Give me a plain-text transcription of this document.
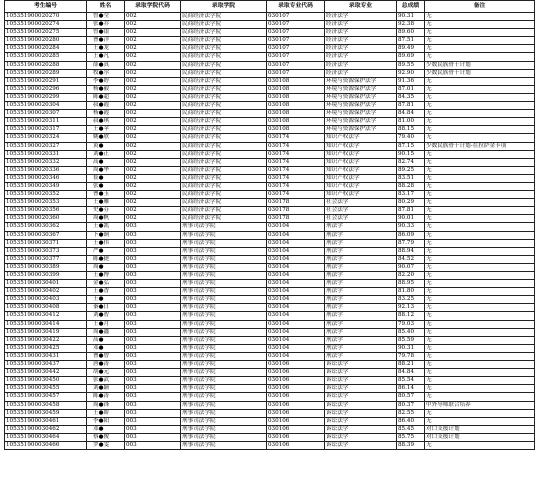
考生编号	姓名	录取学院代码	录取学院	录取专业代码	录取专业	总成绩	备注
105351900020270	曾●莹	002	民商经济法学院	030107	经济法学	90.31	无
105351900020274	张●乔	002	民商经济法学院	030107	经济法学	92.38	无
105351900020275	曾●银	002	民商经济法学院	030107	经济法学	89.60	无
105351900020280	曹●洋	002	民商经济法学院	030107	经济法学	87.51	无
105351900020284	王●龙	002	民商经济法学院	030107	经济法学	89.49	无
105351900020285	王●凡	002	民商经济法学院	030107	经济法学	89.69	无
105351900020288	薛●真	002	民商经济法学院	030107	经济法学	89.55	少数民族骨干计划
105351900020289	牧●尔	002	民商经济法学院	030107	经济法学	92.90	少数民族骨干计划
105351900020291	李●婷	002	民商经济法学院	030108	环境与资源保护法学	91.36	无
105351900020296	杨●毅	002	民商经济法学院	030108	环境与资源保护法学	87.01	无
105351900020299	陈●超	002	民商经济法学院	030108	环境与资源保护法学	84.35	无
105351900020304	叔●霞	002	民商经济法学院	030108	环境与资源保护法学	87.81	无
105351900020307	杨●霞	002	民商经济法学院	030108	环境与资源保护法学	84.84	无
105351900020311	叔●琪	002	民商经济法学院	030108	环境与资源保护法学	81.00	无
105351900020317	王●苹	002	民商经济法学院	030108	环境与资源保护法学	88.15	无
105351900020324	姚●欣	002	民商经济法学院	030174	知识产权法学	79.40	无
105351900020327	黄●	002	民商经济法学院	030174	知识产权法学	87.15	少数民族骨干计划-在拉萨金卡项
105351900020331	刘●正	002	民商经济法学院	030174	知识产权法学	90.15	无
105351900020332	高●	002	民商经济法学院	030174	知识产权法学	82.74	无
105351900020336	周●华	002	民商经济法学院	030174	知识产权法学	89.25	无
105351900020346	崔●	002	民商经济法学院	030174	知识产权法学	83.51	无
105351900020349	张●	002	民商经济法学院	030174	知识产权法学	88.28	无
105351900020352	曹●玉	002	民商经济法学院	030174	知识产权法学	83.17	无
105351900020353	王●雁	002	民商经济法学院	030178	社会法学	80.29	无
105351900020356	史●芬	002	民商经济法学院	030178	社会法学	87.81	无
105351900020360	周●帆	002	民商经济法学院	030178	社会法学	90.01	无
105351900030362	王●凯	003	刑事司法学院	030104	刑法学	90.33	无
105351900030367	卜●铜	003	刑事司法学院	030104	刑法学	86.09	无
105351900030371	王●伟	003	刑事司法学院	030104	刑法学	87.79	无
105351900030373	严●	003	刑事司法学院	030104	刑法学	88.94	无
105351900030377	陈●捷	003	刑事司法学院	030104	刑法学	84.52	无
105351900030389	周●	003	刑事司法学院	030104	刑法学	90.07	无
105351900030399	王●博	003	刑事司法学院	030104	刑法学	82.20	无
105351900030401	金●弘	003	刑事司法学院	030104	刑法学	88.95	无
105351900030402	王●香	003	刑事司法学院	030104	刑法学	81.80	无
105351900030403	王●	003	刑事司法学院	030104	刑法学	83.25	无
105351900030408	秦●日	003	刑事司法学院	030104	刑法学	92.13	无
105351900030412	刘●智	003	刑事司法学院	030104	刑法学	88.12	无
105351900030414	王●月	003	刑事司法学院	030104	刑法学	79.03	无
105351900030419	周●鑫	003	刑事司法学院	030104	刑法学	85.40	无
105351900030422	高●	003	刑事司法学院	030104	刑法学	85.59	无
105351900030425	邓●	003	刑事司法学院	030104	刑法学	90.31	无
105351900030431	曹●曾	003	刑事司法学院	030104	刑法学	79.78	无
105351900030437	唐●涛	003	刑事司法学院	030106	诉讼法学	88.21	无
105351900030442	胡●元	003	刑事司法学院	030106	诉讼法学	84.84	无
105351900030450	张●武	003	刑事司法学院	030106	诉讼法学	85.54	无
105351900030455	刘●颖	003	刑事司法学院	030106	诉讼法学	86.14	无
105351900030457	陈●涛	003	刑事司法学院	030106	诉讼法学	80.57	无
105351900030458	周●锋	003	刑事司法学院	030106	诉讼法学	80.37	中外导师联合培养
105351900030459	王●娇	003	刑事司法学院	030106	诉讼法学	82.55	无
105351900030461	李●阳	003	刑事司法学院	030106	诉讼法学	86.40	无
105351900030462	邓●	003	刑事司法学院	030106	诉讼法学	85.45	对口支援计划
105351900030464	蔡●俊	003	刑事司法学院	030106	诉讼法学	85.75	对口支援计划
105351900030466	罗●雯	003	刑事司法学院	030106	诉讼法学	88.39	无
